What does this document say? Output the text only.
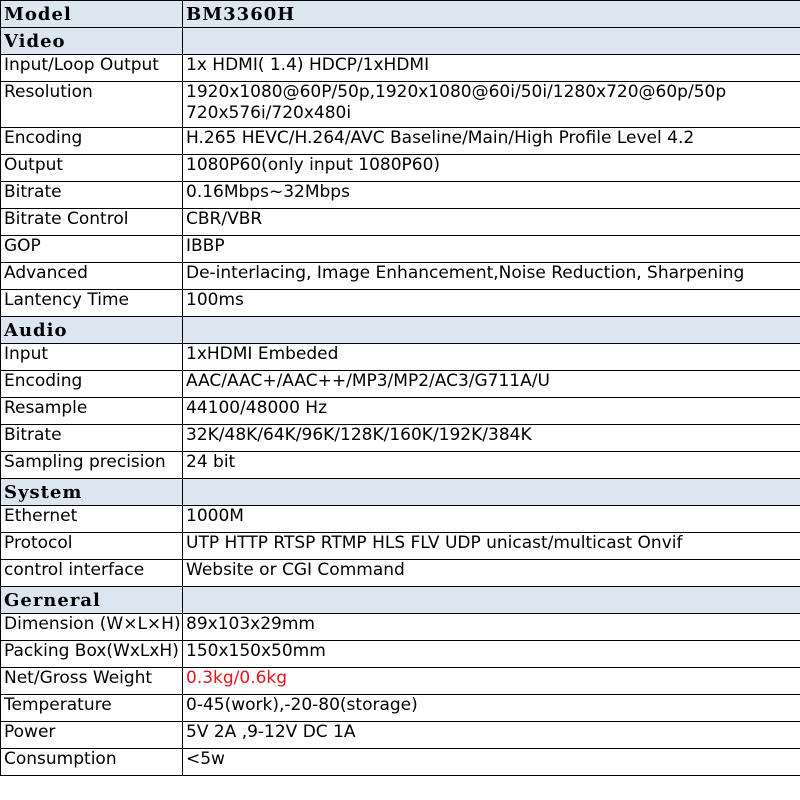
Model	BM3360H
Video	
Input/Loop Output	1x HDMI( 1.4) HDCP/1xHDMI
Resolution	1920x1080@60P/50p,1920x1080@60i/50i/1280x720@60p/50p
720x576i/720x480i

Encoding	H.265 HEVC/H.264/AVC Baseline/Main/High Profile Level 4.2
Output	1080P60(only input 1080P60)
Bitrate	0.16Mbps~32Mbps
Bitrate Control	CBR/VBR
GOP	IBBP
Advanced	De-interlacing, Image Enhancement,Noise Reduction, Sharpening
Lantency Time	100ms
Audio	
Input	1xHDMI Embeded
Encoding	AAC/AAC+/AAC++/MP3/MP2/AC3/G711A/U
Resample	44100/48000 Hz
Bitrate	32K/48K/64K/96K/128K/160K/192K/384K
Sampling precision	24 bit
System	
Ethernet	1000M
Protocol	UTP HTTP RTSP RTMP HLS FLV UDP unicast/multicast Onvif
control interface	Website or CGI Command
Gerneral	
Dimension (W×L×H)	89x103x29mm
Packing Box(WxLxH)	150x150x50mm
Net/Gross Weight	0.3kg/0.6kg
Temperature	0-45(work),-20-80(storage)
Power	5V 2A ,9-12V DC 1A
Consumption	<5w
